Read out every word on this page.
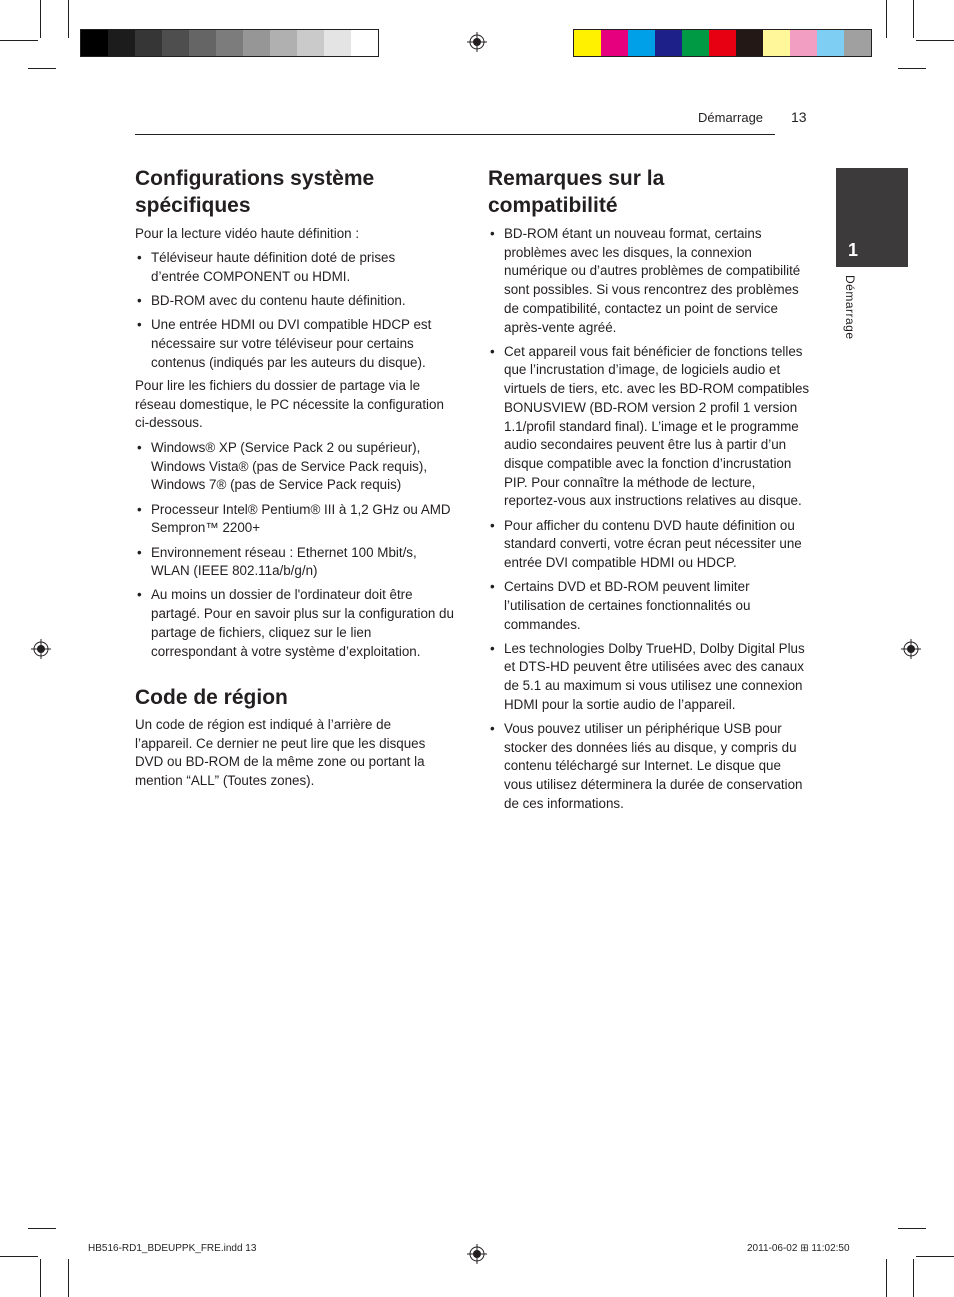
Démarrage 13
1
Démarrage
Configurations système
spécifiques
Pour la lecture vidéo haute définition :
• Téléviseur haute définition doté de prises d’entrée COMPONENT ou HDMI.
• BD-ROM avec du contenu haute définition.
• Une entrée HDMI ou DVI compatible HDCP est nécessaire sur votre téléviseur pour certains contenus (indiqués par les auteurs du disque).
Pour lire les fichiers du dossier de partage via le réseau domestique, le PC nécessite la configuration ci-dessous.
• Windows® XP (Service Pack 2 ou supérieur), Windows Vista® (pas de Service Pack requis), Windows 7® (pas de Service Pack requis)
• Processeur Intel® Pentium® III à 1,2 GHz ou AMD Sempron™ 2200+
• Environnement réseau : Ethernet 100 Mbit/s, WLAN (IEEE 802.11a/b/g/n)
• Au moins un dossier de l'ordinateur doit être partagé. Pour en savoir plus sur la configuration du partage de fichiers, cliquez sur le lien correspondant à votre système d’exploitation.
Code de région
Un code de région est indiqué à l’arrière de l’appareil. Ce dernier ne peut lire que les disques DVD ou BD-ROM de la même zone ou portant la mention “ALL” (Toutes zones).
Remarques sur la
compatibilité
• BD-ROM étant un nouveau format, certains problèmes avec les disques, la connexion numérique ou d’autres problèmes de compatibilité sont possibles. Si vous rencontrez des problèmes de compatibilité, contactez un point de service après-vente agréé.
• Cet appareil vous fait bénéficier de fonctions telles que l’incrustation d’image, de logiciels audio et virtuels de tiers, etc. avec les BD-ROM compatibles BONUSVIEW (BD-ROM version 2 profil 1 version 1.1/profil standard final). L’image et le programme audio secondaires peuvent être lus à partir d’un disque compatible avec la fonction d’incrustation PIP. Pour connaître la méthode de lecture, reportez-vous aux instructions relatives au disque.
• Pour afficher du contenu DVD haute définition ou standard converti, votre écran peut nécessiter une entrée DVI compatible HDMI ou HDCP.
• Certains DVD et BD-ROM peuvent limiter l’utilisation de certaines fonctionnalités ou commandes.
• Les technologies Dolby TrueHD, Dolby Digital Plus et DTS-HD peuvent être utilisées avec des canaux de 5.1 au maximum si vous utilisez une connexion HDMI pour la sortie audio de l’appareil.
• Vous pouvez utiliser un périphérique USB pour stocker des données liés au disque, y compris du contenu téléchargé sur Internet. Le disque que vous utilisez déterminera la durée de conservation de ces informations.
HB516-RD1_BDEUPPK_FRE.indd 13	2011-06-02 ⊞ 11:02:50
